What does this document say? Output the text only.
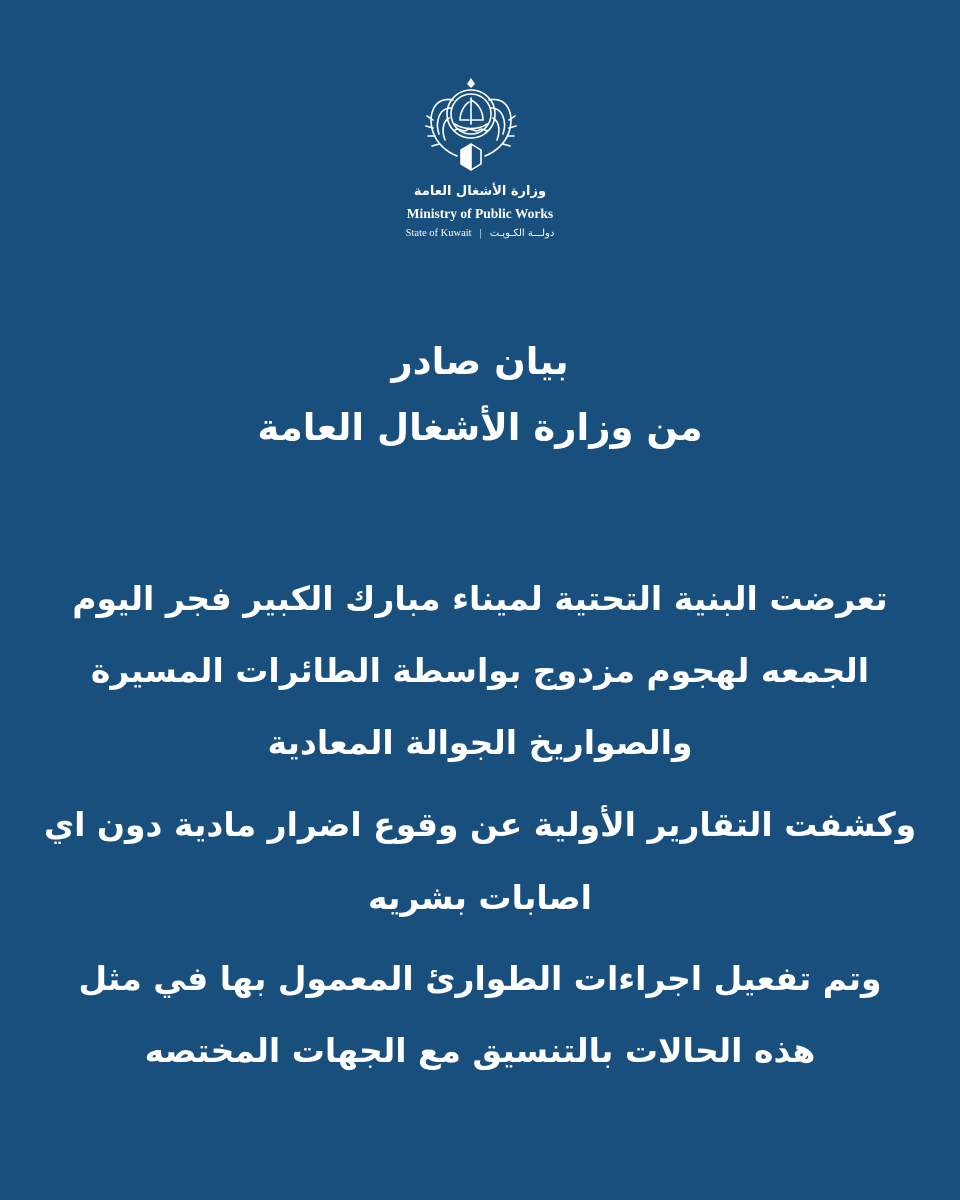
وزارة الأشغال العامة
Ministry of Public Works
State of Kuwait | دولـــة الكـويـت
بيان صادر
من وزارة الأشغال العامة
تعرضت البنية التحتية لميناء مبارك الكبير فجر اليوم
الجمعه لهجوم مزدوج بواسطة الطائرات المسيرة
والصواريخ الجوالة المعادية
وكشفت التقارير الأولية عن وقوع اضرار مادية دون اي
اصابات بشريه
وتم تفعيل اجراءات الطوارئ المعمول بها في مثل
هذه الحالات بالتنسيق مع الجهات المختصه
